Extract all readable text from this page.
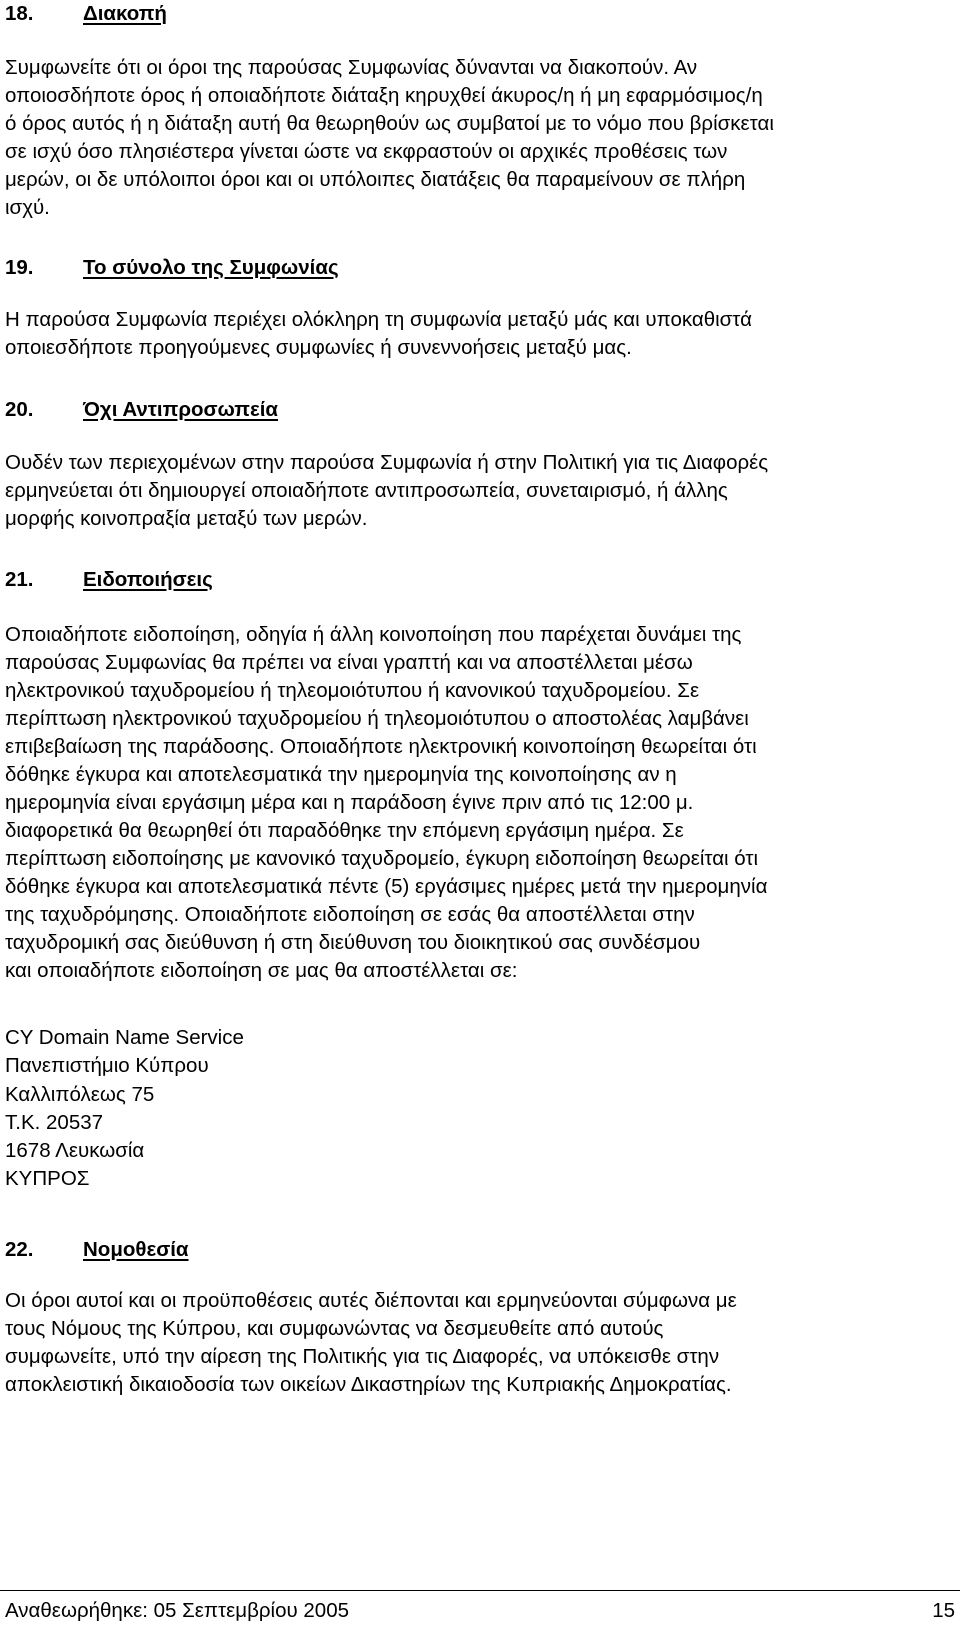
18. Διακοπή
Συμφωνείτε ότι οι όροι της παρούσας Συμφωνίας δύνανται να διακοπούν. Αν
οποιοσδήποτε όρος ή οποιαδήποτε διάταξη κηρυχθεί άκυρος/η ή μη εφαρμόσιμος/η
ό όρος αυτός ή η διάταξη αυτή θα θεωρηθούν ως συμβατοί με το νόμο που βρίσκεται
σε ισχύ όσο πλησιέστερα γίνεται ώστε να εκφραστούν οι αρχικές προθέσεις των
μερών, οι δε υπόλοιποι όροι και οι υπόλοιπες διατάξεις θα παραμείνουν σε πλήρη
ισχύ.
19. Το σύνολο της Συμφωνίας
Η παρούσα Συμφωνία περιέχει ολόκληρη τη συμφωνία μεταξύ μάς και υποκαθιστά
οποιεσδήποτε προηγούμενες συμφωνίες ή συνεννοήσεις μεταξύ μας.
20. Όχι Αντιπροσωπεία
Ουδέν των περιεχομένων στην παρούσα Συμφωνία ή στην Πολιτική για τις Διαφορές
ερμηνεύεται ότι δημιουργεί οποιαδήποτε αντιπροσωπεία, συνεταιρισμό, ή άλλης
μορφής κοινοπραξία μεταξύ των μερών.
21. Ειδοποιήσεις
Οποιαδήποτε ειδοποίηση, οδηγία ή άλλη κοινοποίηση που παρέχεται δυνάμει της
παρούσας Συμφωνίας θα πρέπει να είναι γραπτή και να αποστέλλεται μέσω
ηλεκτρονικού ταχυδρομείου ή τηλεομοιότυπου ή κανονικού ταχυδρομείου. Σε
περίπτωση ηλεκτρονικού ταχυδρομείου ή τηλεομοιότυπου ο αποστολέας λαμβάνει
επιβεβαίωση της παράδοσης. Οποιαδήποτε ηλεκτρονική κοινοποίηση θεωρείται ότι
δόθηκε έγκυρα και αποτελεσματικά την ημερομηνία της κοινοποίησης αν η
ημερομηνία είναι εργάσιμη μέρα και η παράδοση έγινε πριν από τις 12:00 μ.
διαφορετικά θα θεωρηθεί ότι παραδόθηκε την επόμενη εργάσιμη ημέρα. Σε
περίπτωση ειδοποίησης με κανονικό ταχυδρομείο, έγκυρη ειδοποίηση θεωρείται ότι
δόθηκε έγκυρα και αποτελεσματικά πέντε (5) εργάσιμες ημέρες μετά την ημερομηνία
της ταχυδρόμησης. Οποιαδήποτε ειδοποίηση σε εσάς θα αποστέλλεται στην
ταχυδρομική σας διεύθυνση ή στη διεύθυνση του διοικητικού σας συνδέσμου
και οποιαδήποτε ειδοποίηση σε μας θα αποστέλλεται σε:
CY Domain Name Service
Πανεπιστήμιο Κύπρου
Καλλιπόλεως 75
Τ.Κ. 20537
1678 Λευκωσία
ΚΥΠΡΟΣ
22. Νομοθεσία
Οι όροι αυτοί και οι προϋποθέσεις αυτές διέπονται και ερμηνεύονται σύμφωνα με
τους Νόμους της Κύπρου, και συμφωνώντας να δεσμευθείτε από αυτούς
συμφωνείτε, υπό την αίρεση της Πολιτικής για τις Διαφορές, να υπόκεισθε στην
αποκλειστική δικαιοδοσία των οικείων Δικαστηρίων της Κυπριακής Δημοκρατίας.
Αναθεωρήθηκε: 05 Σεπτεμβρίου 2005	15
